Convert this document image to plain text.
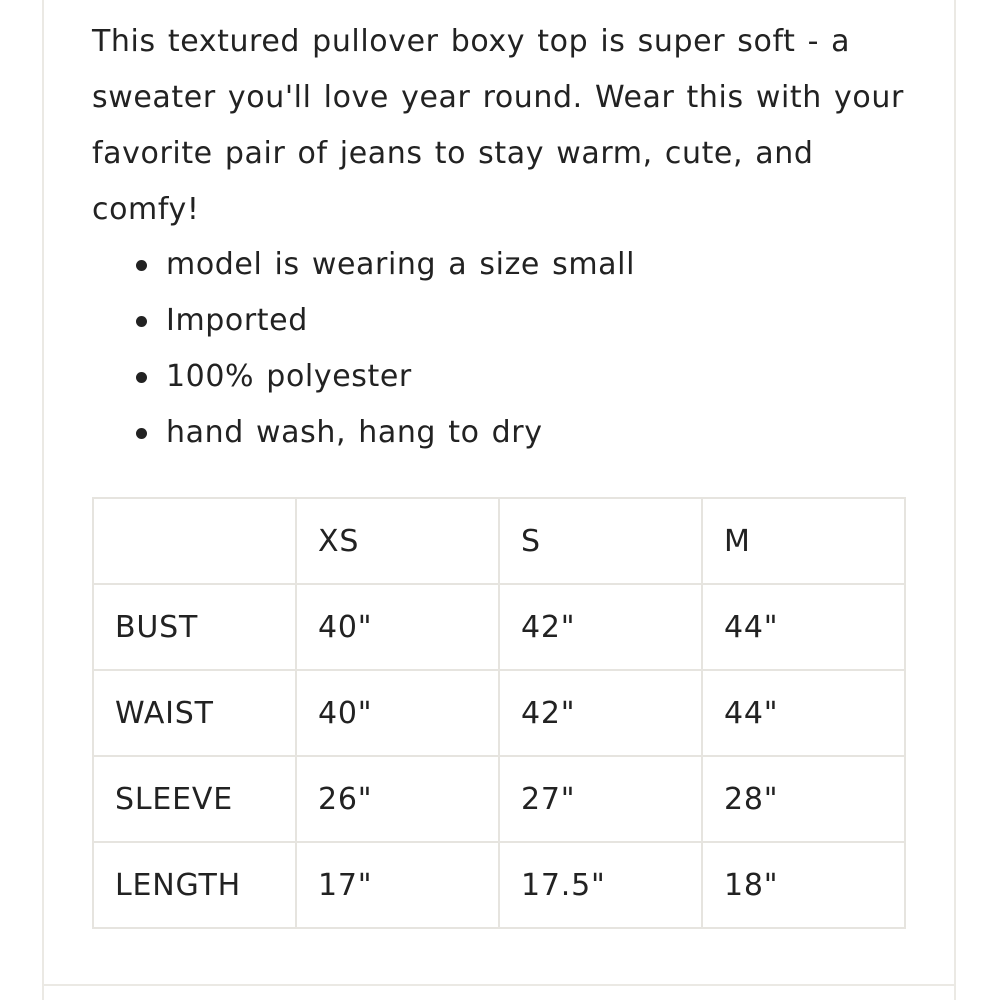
This textured pullover boxy top is super soft - a sweater you'll love year round. Wear this with your favorite pair of jeans to stay warm, cute, and comfy!

model is wearing a size small
Imported
100% polyester
hand wash, hang to dry
	XS	S	M
BUST	40"	42"	44"
WAIST	40"	42"	44"
SLEEVE	26"	27"	28"
LENGTH	17"	17.5"	18"
